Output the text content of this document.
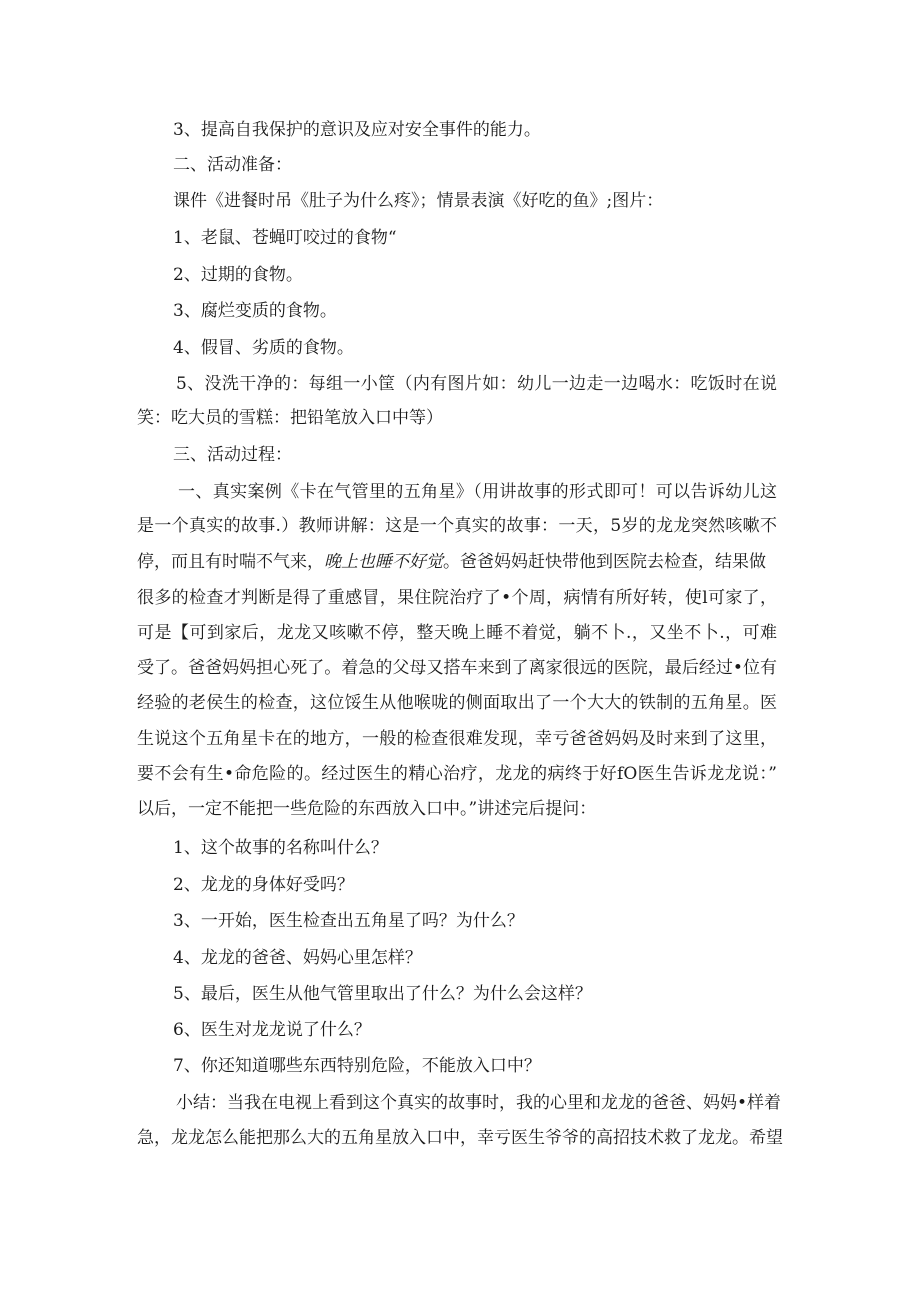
3、提高自我保护的意识及应对安全事件的能力。
二、活动准备：
课件《进餐时吊《肚子为什么疼》；情景表演《好吃的鱼》;图片：
1、老鼠、苍蝇叮咬过的食物“
2、过期的食物。
3、腐烂变质的食物。
4、假冒、劣质的食物。
5、没洗干净的：每组一小筐（内有图片如：幼儿一边走一边喝水：吃饭时在说
笑：吃大员的雪糕：把铅笔放入口中等）
三、活动过程：
一、真实案例《卡在气管里的五角星》（用讲故事的形式即可！可以告诉幼儿这
是一个真实的故事.）教师讲解：这是一个真实的故事：一天，5岁的龙龙突然咳嗽不
停，而且有时喘不气来，晚上也睡不好觉。爸爸妈妈赶快带他到医院去检查，结果做
很多的检查才判断是得了重感冒，果住院治疗了•个周，病情有所好转，使l可家了，
可是【可到家后，龙龙又咳嗽不停，整天晚上睡不着觉，躺不卜.，又坐不卜.，可难
受了。爸爸妈妈担心死了。着急的父母又搭车来到了离家很远的医院，最后经过•位有
经验的老侯生的检查，这位馁生从他喉咙的侧面取出了一个大大的铁制的五角星。医
生说这个五角星卡在的地方，一般的检查很难发现，幸亏爸爸妈妈及时来到了这里，
要不会有生•命危险的。经过医生的精心治疗，龙龙的病终于好fO医生告诉龙龙说：”
以后，一定不能把一些危险的东西放入口中。”讲述完后提问：
1、这个故事的名称叫什么？
2、龙龙的身体好受吗？
3、一开始，医生检查出五角星了吗？为什么？
4、龙龙的爸爸、妈妈心里怎样？
5、最后，医生从他气管里取出了什么？为什么会这样？
6、医生对龙龙说了什么？
7、你还知道哪些东西特别危险，不能放入口中？
小结：当我在电视上看到这个真实的故事时，我的心里和龙龙的爸爸、妈妈•样着
急，龙龙怎么能把那么大的五角星放入口中，幸亏医生爷爷的高招技术救了龙龙。希望
